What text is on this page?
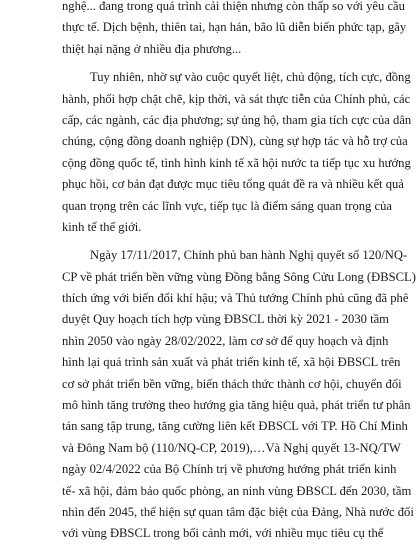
nghệ... đang trong quá trình cải thiện nhưng còn thấp so với yêu cầu
thực tế. Dịch bệnh, thiên tai, hạn hán, bão lũ diễn biến phức tạp, gây
thiệt hại nặng ở nhiều địa phương...
Tuy nhiên, nhờ sự vào cuộc quyết liệt, chủ động, tích cực, đồng
hành, phối hợp chặt chẽ, kịp thời, và sát thực tiễn của Chính phủ, các
cấp, các ngành, các địa phương; sự ủng hộ, tham gia tích cực của dân
chúng, cộng đồng doanh nghiệp (DN), cùng sự hợp tác và hỗ trợ của
cộng đồng quốc tế, tình hình kinh tế xã hội nước ta tiếp tục xu hướng
phục hồi, cơ bản đạt được mục tiêu tổng quát đề ra và nhiều kết quả
quan trọng trên các lĩnh vực, tiếp tục là điểm sáng quan trọng của
kinh tế thế giới.
Ngày 17/11/2017, Chính phủ ban hành Nghị quyết số 120/NQ-
CP về phát triển bền vững vùng Đồng bằng Sông Cửu Long (ĐBSCL)
thích ứng với biến đổi khí hậu; và Thủ tướng Chính phủ cũng đã phê
duyệt Quy hoạch tích hợp vùng ĐBSCL thời kỳ 2021 - 2030 tầm
nhìn 2050 vào ngày 28/02/2022, làm cơ sở để quy hoạch và định
hình lại quá trình sản xuất và phát triển kinh tế, xã hội ĐBSCL trên
cơ sở phát triển bền vững, biến thách thức thành cơ hội, chuyển đổi
mô hình tăng trưởng theo hướng gia tăng hiệu quả, phát triển tư phân
tán sang tập trung, tăng cường liên kết ĐBSCL với TP. Hồ Chí Minh
và Đông Nam bộ (110/NQ-CP, 2019),…Và Nghị quyết 13-NQ/TW
ngày 02/4/2022 của Bộ Chính trị về phương hướng phát triển kinh
tế- xã hội, đảm bảo quốc phòng, an ninh vùng ĐBSCL đến 2030, tầm
nhìn đến 2045, thể hiện sự quan tâm đặc biệt của Đảng, Nhà nước đối
với vùng ĐBSCL trong bối cảnh mới, với nhiều mục tiêu cụ thể
